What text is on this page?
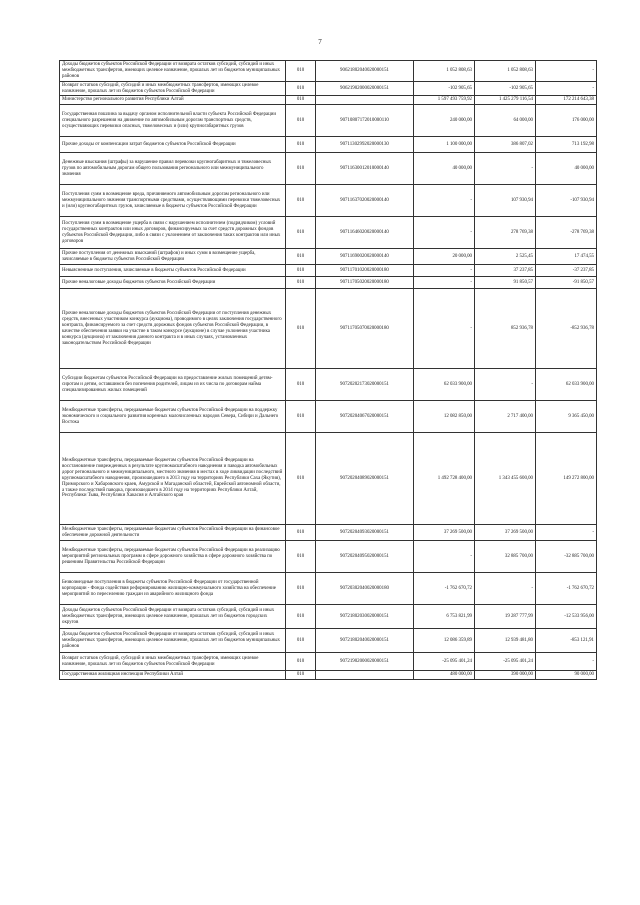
7
Доходы бюджетов субъектов Российской Федерации от возврата остатков субсидий, субсидий и иных межбюджетных трансфертов, имеющих целевое назначение, прошлых лет из бюджетов муниципальных районов	010	90621802040020000151	1 052 808,63	1 052 808,63	-
Возврат остатков субсидий, субсидий и иных межбюджетных трансфертов, имеющих целевое назначение, прошлых лет из бюджетов субъектов Российской Федерации	010	90621902000020000151	-102 905,65	-102 905,65	-
Министерство регионального развития Республики Алтай	010		1 597 493 759,92	1 425 279 116,54	172 214 643,38
Государственная пошлина за выдачу органом исполнительной власти субъекта Российской Федерации специального разрешения на движение по автомобильным дорогам транспортных средств, осуществляющих перевозки опасных, тяжеловесных и (или) крупногабаритных грузов	010	90710807172010000110	240 000,00	64 000,00	176 000,00
Прочие доходы от компенсации затрат бюджетов субъектов Российской Федерации	010	90711302992020000130	1 100 000,00	386 807,02	713 192,98
Денежные взыскания (штрафы) за нарушение правил перевозки крупногабаритных и тяжеловесных грузов по автомобильным дорогам общего пользования регионального или межмуниципального значения	010	90711630012010000140	40 000,00	-	40 000,00
Поступления сумм в возмещение вреда, причиняемого автомобильным дорогам регионального или межмуниципального значения транспортными средствами, осуществляющими перевозки тяжеловесных и (или) крупногабаритных грузов, зачисляемые в бюджеты субъектов Российской Федерации	010	90711637020020000140	-	107 930,94	-107 930,94
Поступления сумм в возмещение ущерба в связи с нарушением исполнителем (подрядчиком) условий государственных контрактов или иных договоров, финансируемых за счет средств дорожных фондов субъектов Российской Федерации, либо в связи с уклонением от заключения таких контрактов или иных договоров	010	90711646020020000140	-	278 769,38	-278 769,38
Прочие поступления от денежных взысканий (штрафов) и иных сумм в возмещение ущерба, зачисляемые в бюджеты субъектов Российской Федерации	010	90711690020020000140	20 000,00	2 525,45	17 474,55
Невыясненные поступления, зачисляемые в бюджеты субъектов Российской Федерации	010	90711701020020000180	-	37 237,85	-37 237,85
Прочие неналоговые доходы бюджетов субъектов Российской Федерации	010	90711705020020000180	-	91 850,57	-91 850,57
Прочие неналоговые доходы бюджетов субъектов Российской Федерации от поступления денежных средств, внесенных участником конкурса (аукциона), проводимого в целях заключения государственного контракта, финансируемого за счет средств дорожных фондов субъектов Российской Федерации, в качестве обеспечения заявки на участие в таком конкурсе (аукционе) в случае уклонения участника конкурса (аукциона) от заключения данного контракта и в иных случаях, установленных законодательством Российской Федерации	010	90711705070020000180	-	852 936,78	-852 936,78
Субсидии бюджетам субъектов Российской Федерации на предоставление жилых помещений детям-сиротам и детям, оставшимся без попечения родителей, лицам из их числа по договорам найма специализированных жилых помещений	010	90720202173020000151	62 033 900,00	-	62 033 900,00
Межбюджетные трансферты, передаваемые бюджетам субъектов Российской Федерации на поддержку экономического и социального развития коренных малочисленных народов Севера, Сибири и Дальнего Востока	010	90720204067020000151	12 082 850,00	2 717 400,00	9 365 450,00
Межбюджетные трансферты, передаваемые бюджетам субъектов Российской Федерации на восстановление поврежденных в результате крупномасштабного наводнения и паводка автомобильных дорог регионального и межмуниципального, местного значения в местах в ходе ликвидации последствий крупномасштабного наводнения, произошедшего в 2013 году на территориях Республики Саха (Якутия), Приморского и Хабаровского краев, Амурской и Магаданской областей, Еврейской автономной области, а также последствий паводка, произошедшего в 2014 году на территориях Республики Алтай, Республики Тыва, Республики Хакасия и Алтайского края	010	90720204089020000151	1 492 728 400,00	1 343 455 600,00	149 272 800,00
Межбюджетные трансферты, передаваемые бюджетам субъектов Российской Федерации на финансовое обеспечение дорожной деятельности	010	90720204093020000151	37 269 500,00	37 269 500,00	-
Межбюджетные трансферты, передаваемые бюджетам субъектов Российской Федерации на реализацию мероприятий региональных программ в сфере дорожного хозяйства в сфере дорожного хозяйства по решениям Правительства Российской Федерации	010	90720204095020000151	-	32 885 700,00	-32 885 700,00
Безвозмездные поступления в бюджеты субъектов Российской Федерации от государственной корпорации - Фонда содействия реформированию жилищно-коммунального хозяйства на обеспечение мероприятий по переселению граждан из аварийного жилищного фонда	010	90720302040020000180	-1 762 670,72	-	-1 762 670,72
Доходы бюджетов субъектов Российской Федерации от возврата остатков субсидий, субсидий и иных межбюджетных трансфертов, имеющих целевое назначение, прошлых лет из бюджетов городских округов	010	90721802030020000151	6 753 821,99	19 287 777,99	-12 533 956,00
Доходы бюджетов субъектов Российской Федерации от возврата остатков субсидий, субсидий и иных межбюджетных трансфертов, имеющих целевое назначение, прошлых лет из бюджетов муниципальных районов	010	90721802040020000151	12 086 359,89	12 939 481,80	-853 121,91
Возврат остатков субсидий, субсидий и иных межбюджетных трансфертов, имеющих целевое назначение, прошлых лет из бюджетов субъектов Российской Федерации	010	90721902000020000151	-25 095 401,24	-25 095 401,24	-
Государственная жилищная инспекция Республики Алтай	010		480 000,00	390 000,00	90 000,00
